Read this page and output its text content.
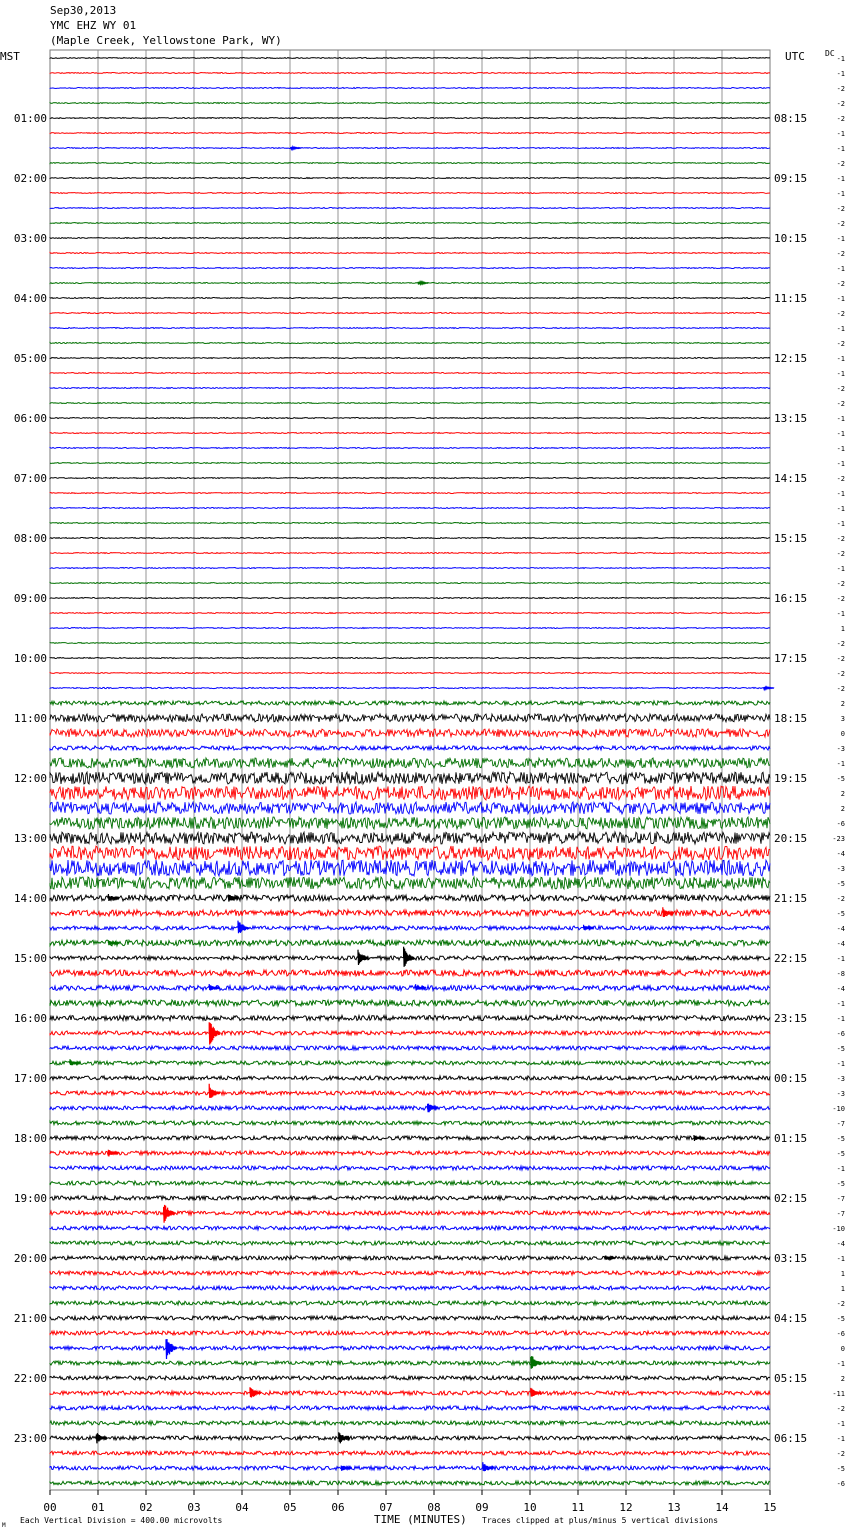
Sep30,2013
YMC EHZ WY 01
(Maple Creek, Yellowstone Park, WY)
01:00
02:00
03:00
04:00
05:00
06:00
07:00
08:00
09:00
10:00
11:00
12:00
13:00
14:00
15:00
16:00
17:00
18:00
19:00
20:00
21:00
22:00
23:00
08:15
09:15
10:15
11:15
12:15
13:15
14:15
15:15
16:15
17:15
18:15
19:15
20:15
21:15
22:15
23:15
00:15
01:15
02:15
03:15
04:15
05:15
06:15
00	01	02	03	04	05	06	07	08	09	10	11	12	13	14	15
-1
-1
-2
-2
-2
-1
-1
-2
-1
-1
-2
-2
-1
-2
-1
-2
-1
-2
-1
-2
-1
-1
-2
-2
-1
-1
-1
-1
-2
-1
-1
-1
-2
-2
-1
-2
-2
-1
1
-2
-2
-2
-2
2
3
0
-3
-1
-5
2
2
-6
-23
-4
-3
-5
-2
-5
-4
-4
-1
-8
-4
-1
-1
-6
-5
-1
-3
-3
-10
-7
-5
-5
-1
-5
-7
-7
-10
-4
-1
1
1
-2
-5
-6
0
-1
2
-11
-2
-1
-1
-2
-5
-6
MST	UTC	DC
TIME (MINUTES)
Each Vertical Division = 400.00 microvolts	Traces clipped at plus/minus 5 vertical divisions
M
